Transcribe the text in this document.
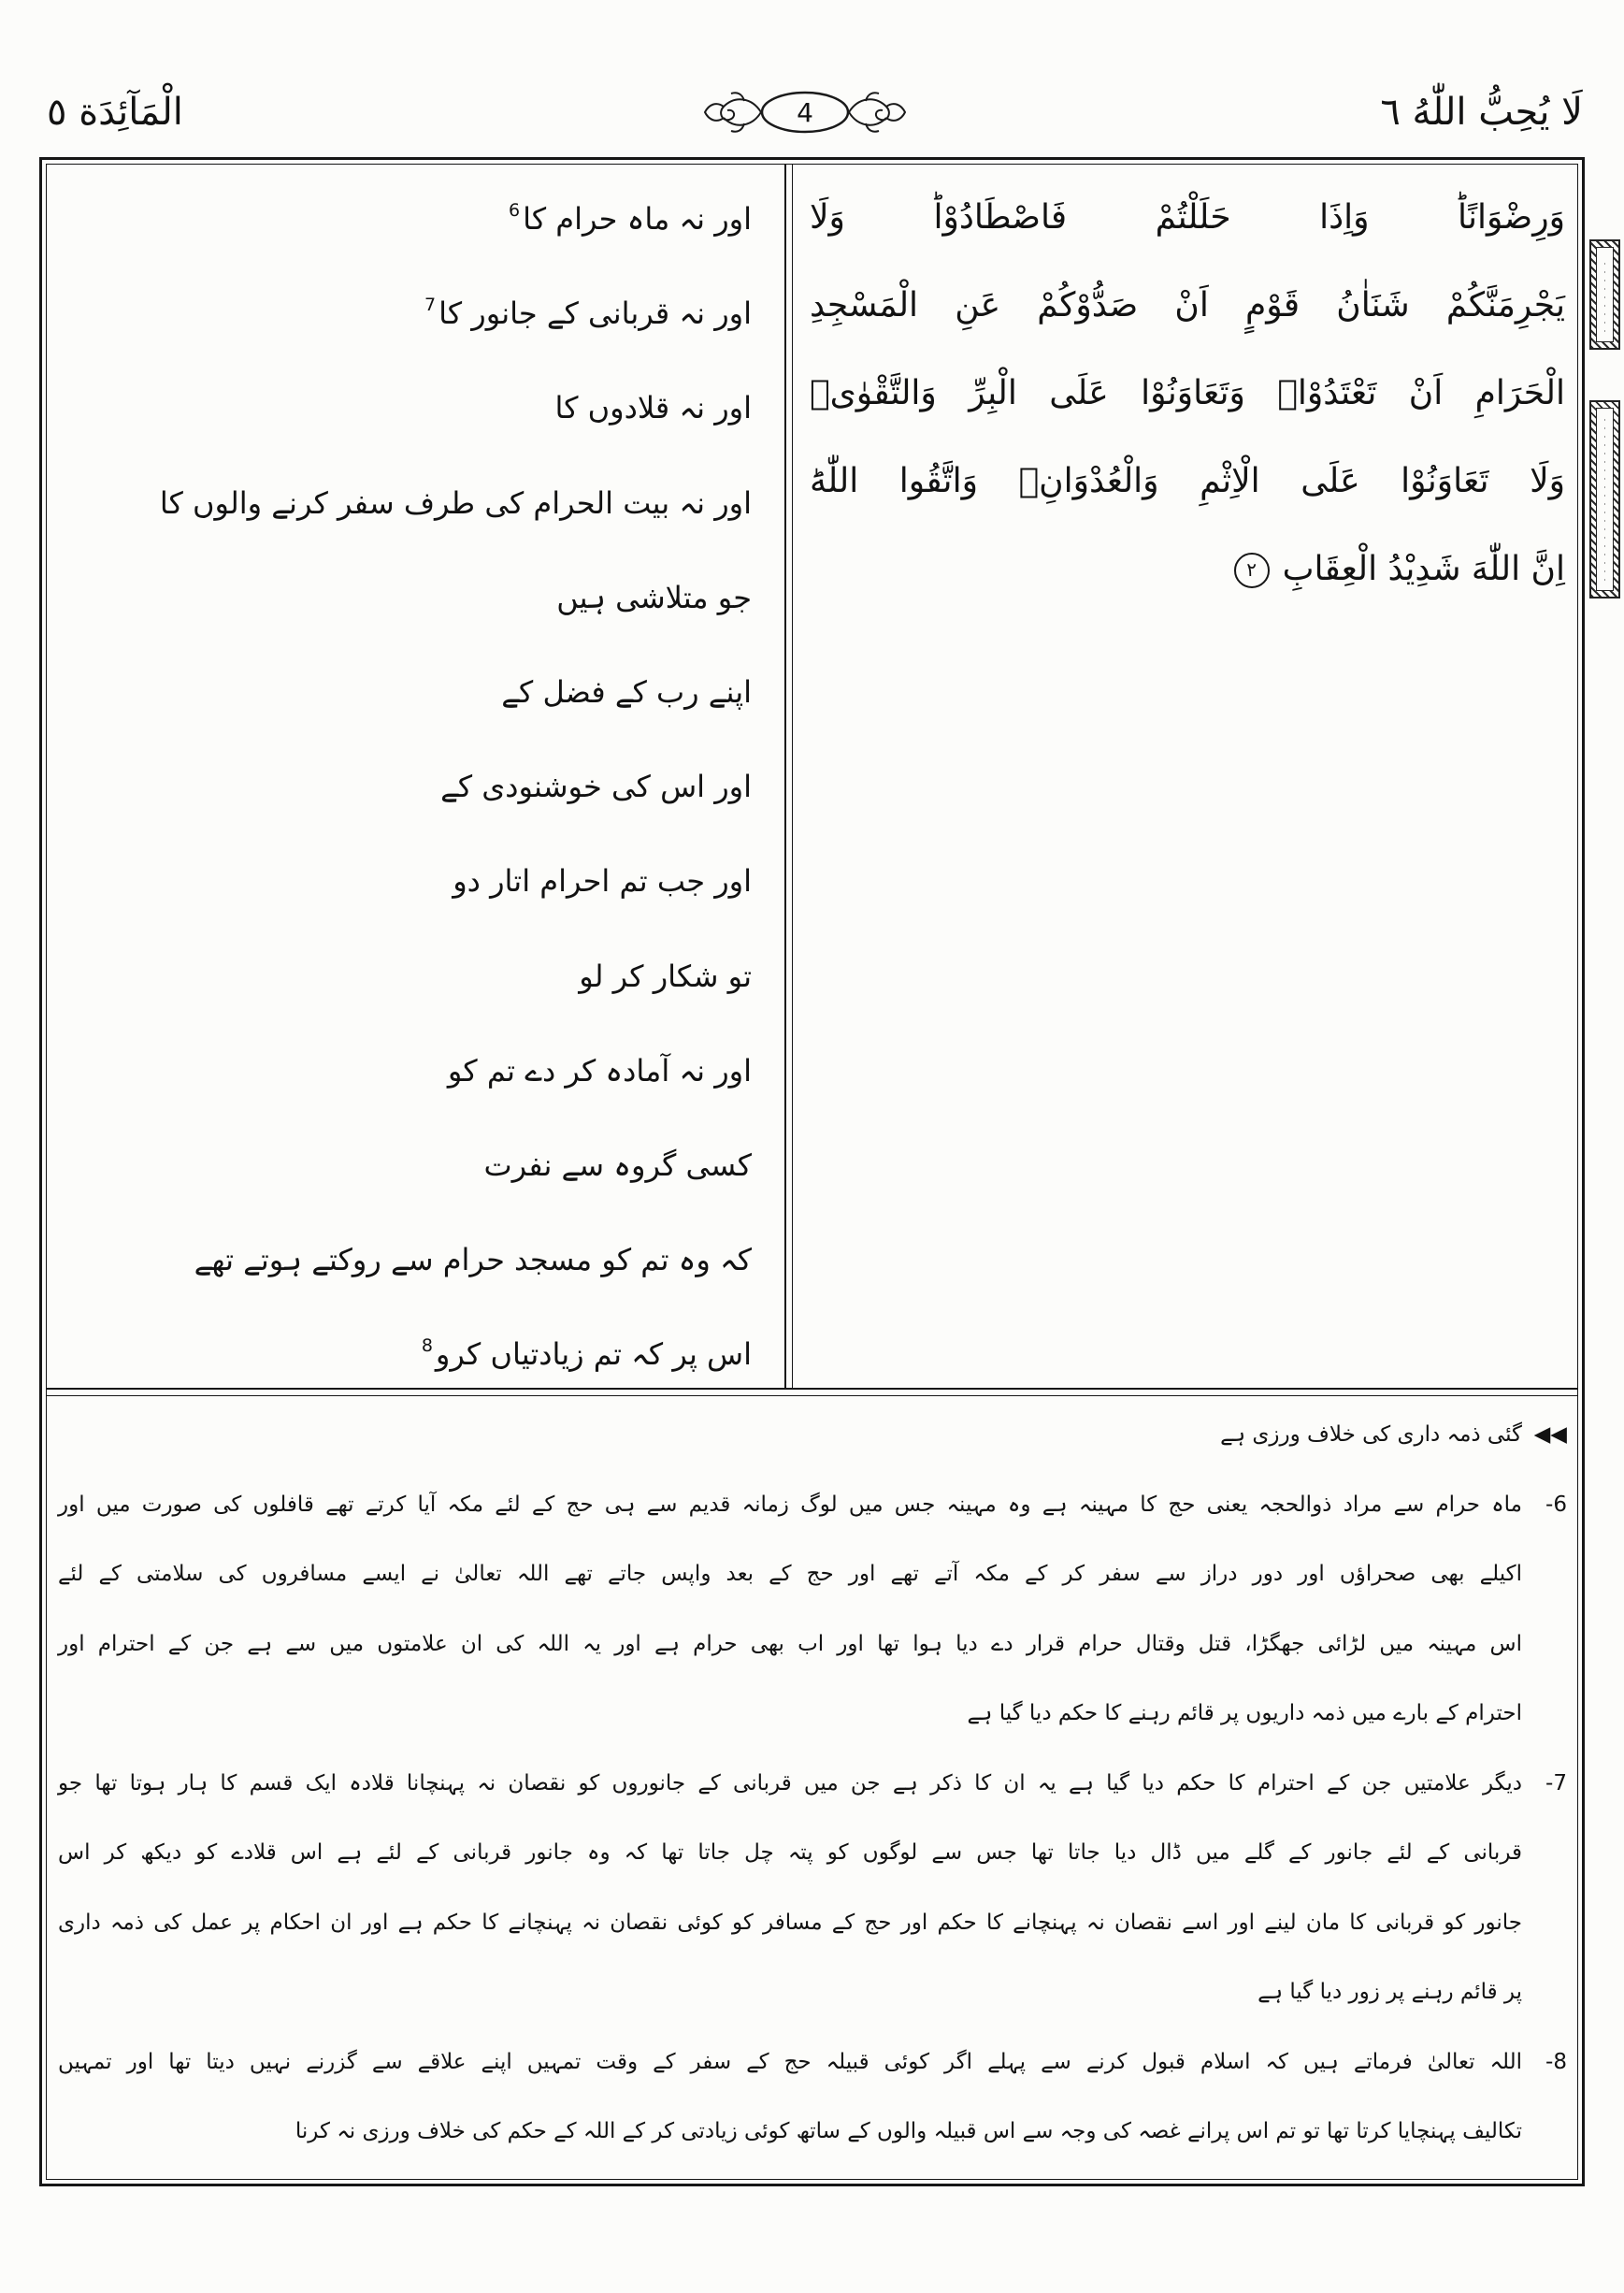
الْمَآئِدَة ٥	4	لَا يُحِبُّ اللّٰهُ ٦
وَرِضْوَانًاؕ وَاِذَا حَلَلْتُمْ فَاصْطَادُوْاؕ وَلَا
يَجْرِمَنَّكُمْ شَنَاٰنُ قَوْمٍ اَنْ صَدُّوْكُمْ عَنِ الْمَسْجِدِ
الْحَرَامِ اَنْ تَعْتَدُوْاۘ وَتَعَاوَنُوْا عَلَى الْبِرِّ وَالتَّقْوٰىۖ
وَلَا تَعَاوَنُوْا عَلَى الْاِثْمِ وَالْعُدْوَانِۖ وَاتَّقُوا اللّٰهَؕ
اِنَّ اللّٰهَ شَدِيْدُ الْعِقَابِ۲
اور نہ ماہ حرام کا$^6$
اور نہ قربانی کے جانور کا$^7$
اور نہ قلادوں کا
اور نہ بیت الحرام کی طرف سفر کرنے والوں کا
جو متلاشی ہیں
اپنے رب کے فضل کے
اور اس کی خوشنودی کے
اور جب تم احرام اتار دو
تو شکار کر لو
اور نہ آمادہ کر دے تم کو
کسی گروہ سے نفرت
کہ وہ تم کو مسجد حرام سے روکتے ہوتے تھے
اس پر کہ تم زیادتیاں کرو$^8$
◀◀
گئی ذمہ داری کی خلاف ورزی ہے
6-
ماہ حرام سے مراد ذوالحجہ یعنی حج کا مہینہ ہے وہ مہینہ جس میں لوگ زمانہ قدیم سے ہی حج کے لئے مکہ آیا کرتے تھے قافلوں کی صورت میں اور
اکیلے بھی صحراؤں اور دور دراز سے سفر کر کے مکہ آتے تھے اور حج کے بعد واپس جاتے تھے اللہ تعالیٰ نے ایسے مسافروں کی سلامتی کے لئے
اس مہینہ میں لڑائی جھگڑا، قتل وقتال حرام قرار دے دیا ہوا تھا اور اب بھی حرام ہے اور یہ اللہ کی ان علامتوں میں سے ہے جن کے احترام اور
احترام کے بارے میں ذمہ داریوں پر قائم رہنے کا حکم دیا گیا ہے
7-
دیگر علامتیں جن کے احترام کا حکم دیا گیا ہے یہ ان کا ذکر ہے جن میں قربانی کے جانوروں کو نقصان نہ پہنچانا قلادہ ایک قسم کا ہار ہوتا تھا جو
قربانی کے لئے جانور کے گلے میں ڈال دیا جاتا تھا جس سے لوگوں کو پتہ چل جاتا تھا کہ وہ جانور قربانی کے لئے ہے اس قلادے کو دیکھ کر اس
جانور کو قربانی کا مان لینے اور اسے نقصان نہ پہنچانے کا حکم اور حج کے مسافر کو کوئی نقصان نہ پہنچانے کا حکم ہے اور ان احکام پر عمل کی ذمہ داری
پر قائم رہنے پر زور دیا گیا ہے
8-
اللہ تعالیٰ فرماتے ہیں کہ اسلام قبول کرنے سے پہلے اگر کوئی قبیلہ حج کے سفر کے وقت تمہیں اپنے علاقے سے گزرنے نہیں دیتا تھا اور تمہیں
تکالیف پہنچایا کرتا تھا تو تم اس پرانے غصہ کی وجہ سے اس قبیلہ والوں کے ساتھ کوئی زیادتی کر کے اللہ کے حکم کی خلاف ورزی نہ کرنا
